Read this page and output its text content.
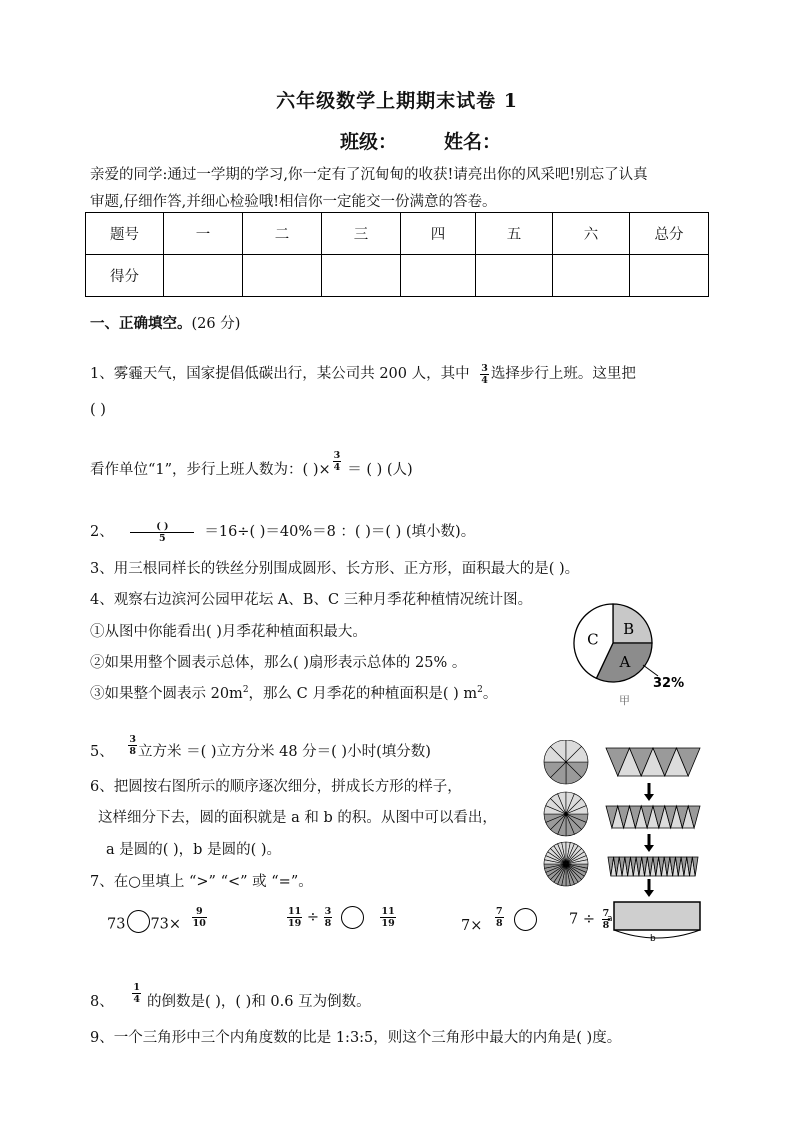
六年级数学上期期末试卷 1
班级： 姓名：
亲爱的同学:通过一学期的学习,你一定有了沉甸甸的收获!请亮出你的风采吧!别忘了认真
审题,仔细作答,并细心检验哦!相信你一定能交一份满意的答卷。
题号	一	二	三	四	五	六	总分
得分							
一、正确填空。(26 分)
1、雾霾天气，国家提倡低碳出行，某公司共 200 人，其中 $\frac{3}{4}$ 选择步行上班。这里把
( )
看作单位“1”，步行上班人数为：( )× $\frac{3}{4}$ ＝ ( ) (人)
2、 $\frac{( )}{5} =16\div$( )＝40%＝8 ：( )＝( ) (填小数)。
3、用三根同样长的铁丝分别围成圆形、长方形、正方形，面积最大的是( )。
4、观察右边滨河公园甲花坛 A、B、C 三种月季花种植情况统计图。
①从图中你能看出( )月季花种植面积最大。
②如果用整个圆表示总体，那么( )扇形表示总体的 25% 。
③如果整个圆表示 $20m^2$，那么 C 月季花的种植面积是( ) $m^2$。
B
A
C
32%
甲
5、 $\frac{3}{8}$ 立方米 ＝( )立方分米 48 分＝( )小时(填分数)
6、把圆按右图所示的顺序逐次细分，拼成长方形的样子，
这样细分下去，圆的面积就是 a 和 b 的积。从图中可以看出，
a 是圆的( )，b 是圆的( )。
7、在○里填上 “>” “<” 或 “=”。
73 $73\times \frac{9}{10}$	$\frac{11}{19} \div \frac{3}{8}$
	$\frac{11}{19}$	$7\times \frac{7}{8}$
	$7 \div \frac{7}{8}$
b
a
8、 $\frac{1}{4}$ 的倒数是( )，( )和 0.6 互为倒数。
9、一个三角形中三个内角度数的比是 1:3:5，则这个三角形中最大的内角是( )度。
